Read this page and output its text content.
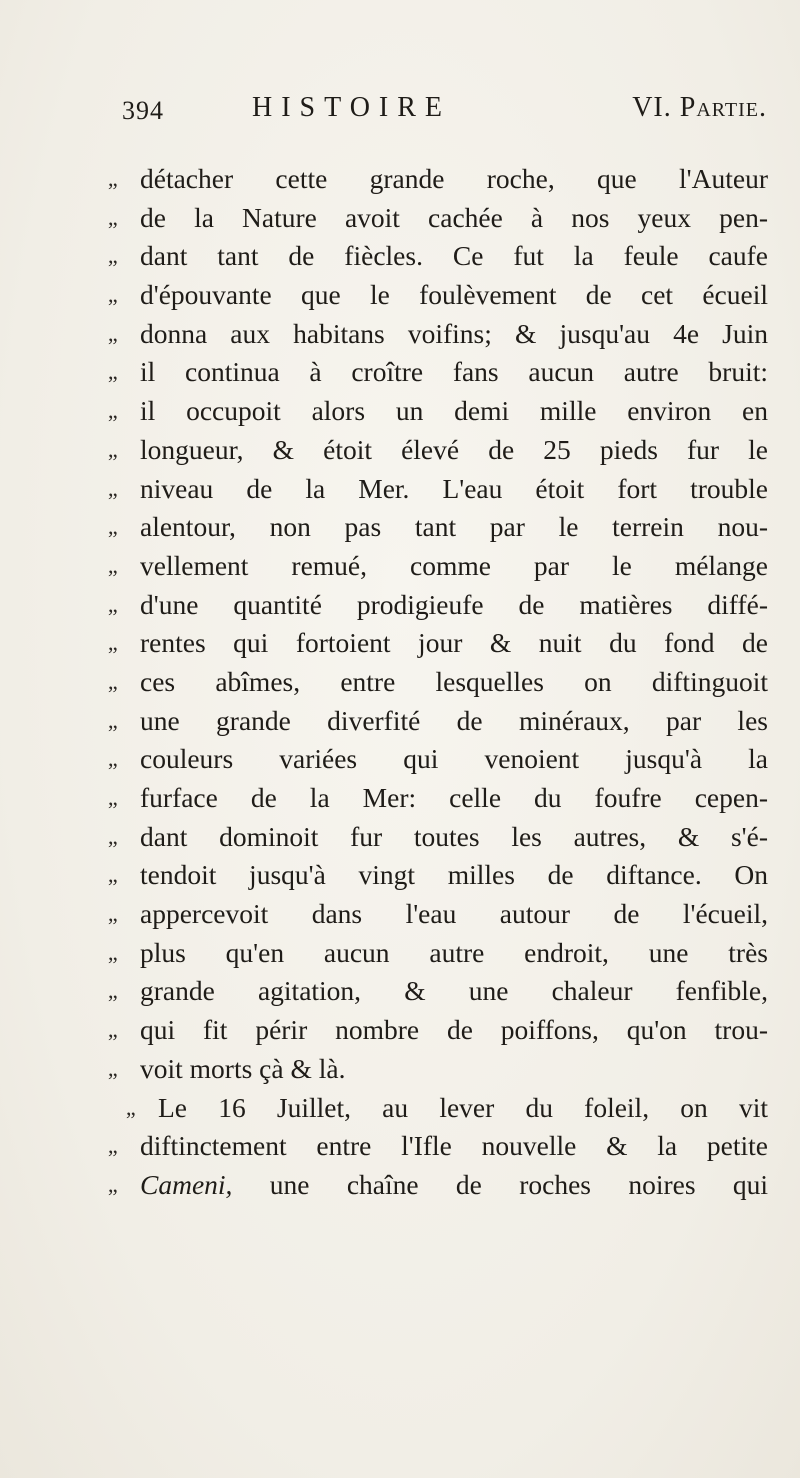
394	HISTOIRE	VI. Partie.
,, détacher cette grande roche, que l'Auteur
,, de la Nature avoit cachée à nos yeux pen-
,, dant tant de fiècles. Ce fut la feule caufe
,, d'épouvante que le foulèvement de cet écueil
,, donna aux habitans voifins; & jusqu'au 4e Juin
,, il continua à croître fans aucun autre bruit:
,, il occupoit alors un demi mille environ en
,, longueur, & étoit élevé de 25 pieds fur le
,, niveau de la Mer. L'eau étoit fort trouble
,, alentour, non pas tant par le terrein nou-
,, vellement remué, comme par le mélange
,, d'une quantité prodigieufe de matières diffé-
,, rentes qui fortoient jour & nuit du fond de
,, ces abîmes, entre lesquelles on diftinguoit
,, une grande diverfité de minéraux, par les
,, couleurs variées qui venoient jusqu'à la
,, furface de la Mer: celle du foufre cepen-
,, dant dominoit fur toutes les autres, & s'é-
,, tendoit jusqu'à vingt milles de diftance. On
,, appercevoit dans l'eau autour de l'écueil,
,, plus qu'en aucun autre endroit, une très
,, grande agitation, & une chaleur fenfible,
,, qui fit périr nombre de poiffons, qu'on trou-
,, voit morts çà & là.
,, Le 16 Juillet, au lever du foleil, on vit
,, diftinctement entre l'Ifle nouvelle & la petite
,, Cameni, une chaîne de roches noires qui
